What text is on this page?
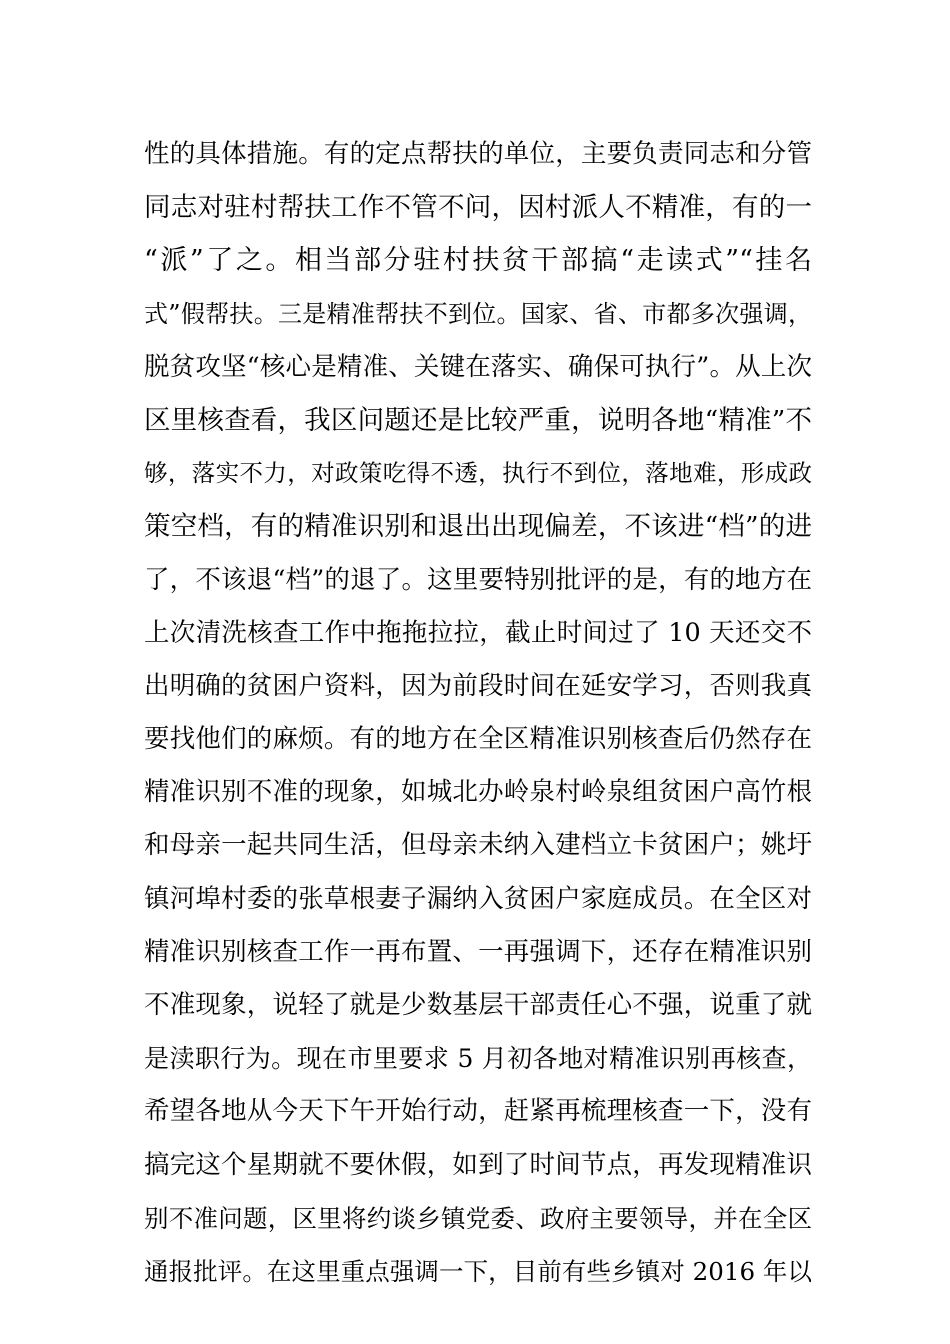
性的具体措施。有的定点帮扶的单位，主要负责同志和分管
同志对驻村帮扶工作不管不问，因村派人不精准，有的一
“派”了之。相当部分驻村扶贫干部搞“走读式”“挂名
式”假帮扶。三是精准帮扶不到位。国家、省、市都多次强调，
脱贫攻坚“核心是精准、关键在落实、确保可执行”。从上次
区里核查看，我区问题还是比较严重，说明各地“精准”不
够，落实不力，对政策吃得不透，执行不到位，落地难，形成政
策空档，有的精准识别和退出出现偏差，不该进“档”的进
了，不该退“档”的退了。这里要特别批评的是，有的地方在
上次清洗核查工作中拖拖拉拉，截止时间过了 10 天还交不
出明确的贫困户资料，因为前段时间在延安学习，否则我真
要找他们的麻烦。有的地方在全区精准识别核查后仍然存在
精准识别不准的现象，如城北办岭泉村岭泉组贫困户高竹根
和母亲一起共同生活，但母亲未纳入建档立卡贫困户；姚圩
镇河埠村委的张草根妻子漏纳入贫困户家庭成员。在全区对
精准识别核查工作一再布置、一再强调下，还存在精准识别
不准现象，说轻了就是少数基层干部责任心不强，说重了就
是渎职行为。现在市里要求 5 月初各地对精准识别再核查，
希望各地从今天下午开始行动，赶紧再梳理核查一下，没有
搞完这个星期就不要休假，如到了时间节点，再发现精准识
别不准问题，区里将约谈乡镇党委、政府主要领导，并在全区
通报批评。在这里重点强调一下，目前有些乡镇对 2016 年以
